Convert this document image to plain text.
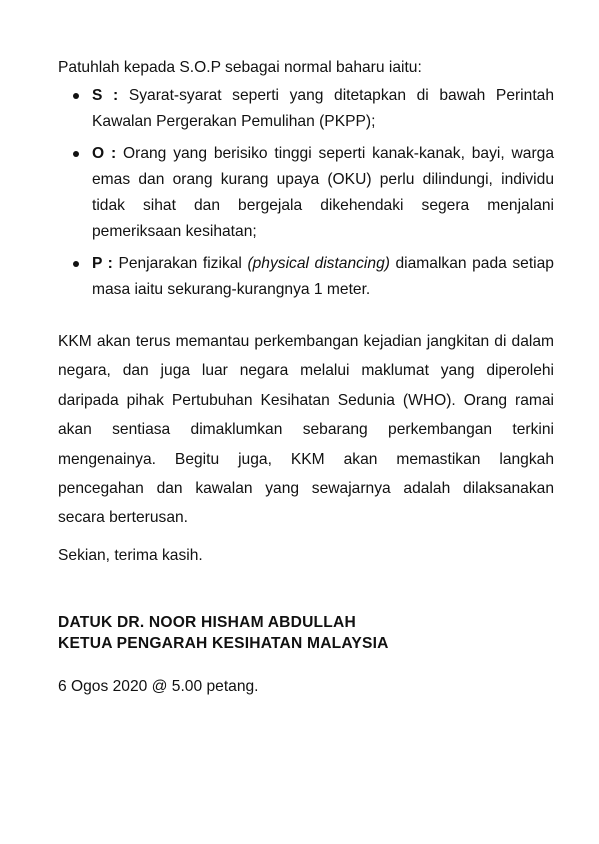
Patuhlah kepada S.O.P sebagai normal baharu iaitu:

S : Syarat-syarat seperti yang ditetapkan di bawah Perintah Kawalan Pergerakan Pemulihan (PKPP);
O : Orang yang berisiko tinggi seperti kanak-kanak, bayi, warga emas dan orang kurang upaya (OKU) perlu dilindungi, individu tidak sihat dan bergejala dikehendaki segera menjalani pemeriksaan kesihatan;
P : Penjarakan fizikal (physical distancing) diamalkan pada setiap masa iaitu sekurang-kurangnya 1 meter.

KKM akan terus memantau perkembangan kejadian jangkitan di dalam negara, dan juga luar negara melalui maklumat yang diperolehi daripada pihak Pertubuhan Kesihatan Sedunia (WHO). Orang ramai akan sentiasa dimaklumkan sebarang perkembangan terkini mengenainya. Begitu juga, KKM akan memastikan langkah pencegahan dan kawalan yang sewajarnya adalah dilaksanakan secara berterusan.

Sekian, terima kasih.

DATUK DR. NOOR HISHAM ABDULLAH
KETUA PENGARAH KESIHATAN MALAYSIA

6 Ogos 2020 @ 5.00 petang.
